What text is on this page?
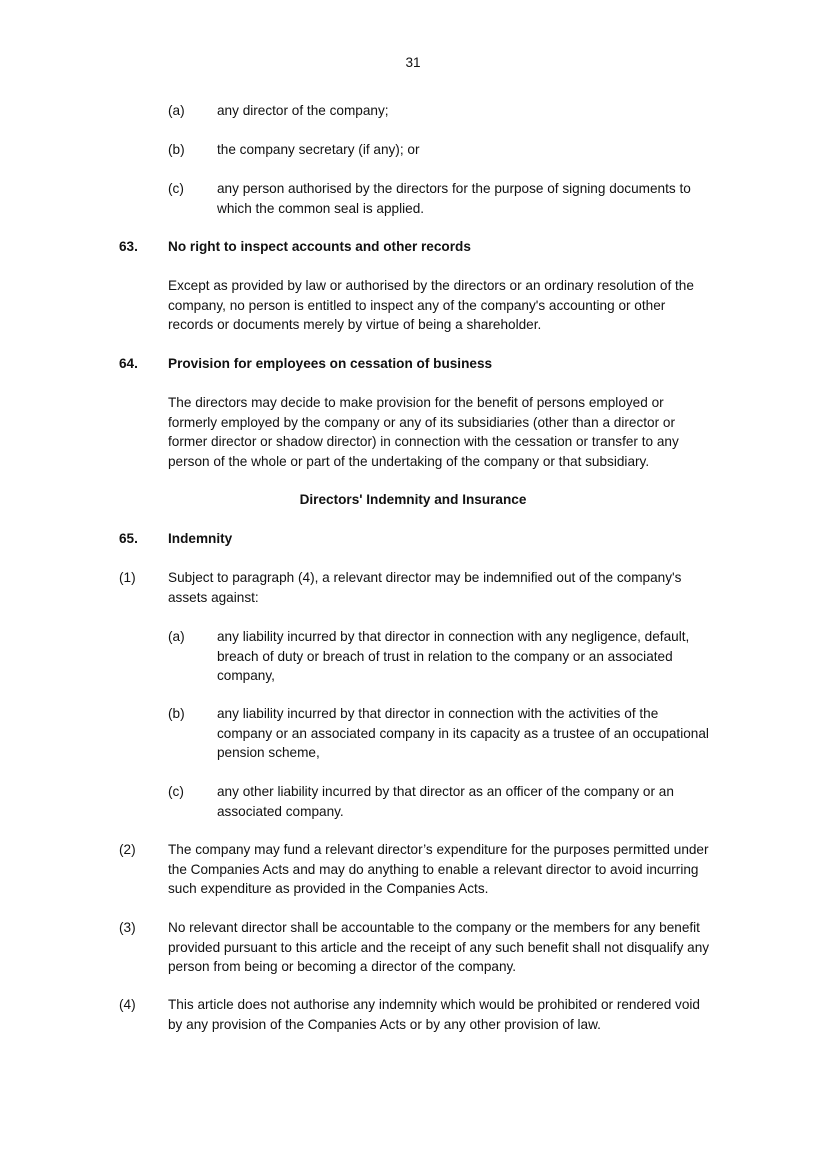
31
(a) any director of the company;
(b) the company secretary (if any); or
(c) any person authorised by the directors for the purpose of signing documents to which the common seal is applied.
63. No right to inspect accounts and other records
Except as provided by law or authorised by the directors or an ordinary resolution of the company, no person is entitled to inspect any of the company's accounting or other records or documents merely by virtue of being a shareholder.
64. Provision for employees on cessation of business
The directors may decide to make provision for the benefit of persons employed or formerly employed by the company or any of its subsidiaries (other than a director or former director or shadow director) in connection with the cessation or transfer to any person of the whole or part of the undertaking of the company or that subsidiary.
Directors' Indemnity and Insurance
65. Indemnity
(1) Subject to paragraph (4), a relevant director may be indemnified out of the company's assets against:
(a) any liability incurred by that director in connection with any negligence, default, breach of duty or breach of trust in relation to the company or an associated company,
(b) any liability incurred by that director in connection with the activities of the company or an associated company in its capacity as a trustee of an occupational pension scheme,
(c) any other liability incurred by that director as an officer of the company or an associated company.
(2) The company may fund a relevant director’s expenditure for the purposes permitted under the Companies Acts and may do anything to enable a relevant director to avoid incurring such expenditure as provided in the Companies Acts.
(3) No relevant director shall be accountable to the company or the members for any benefit provided pursuant to this article and the receipt of any such benefit shall not disqualify any person from being or becoming a director of the company.
(4) This article does not authorise any indemnity which would be prohibited or rendered void by any provision of the Companies Acts or by any other provision of law.
